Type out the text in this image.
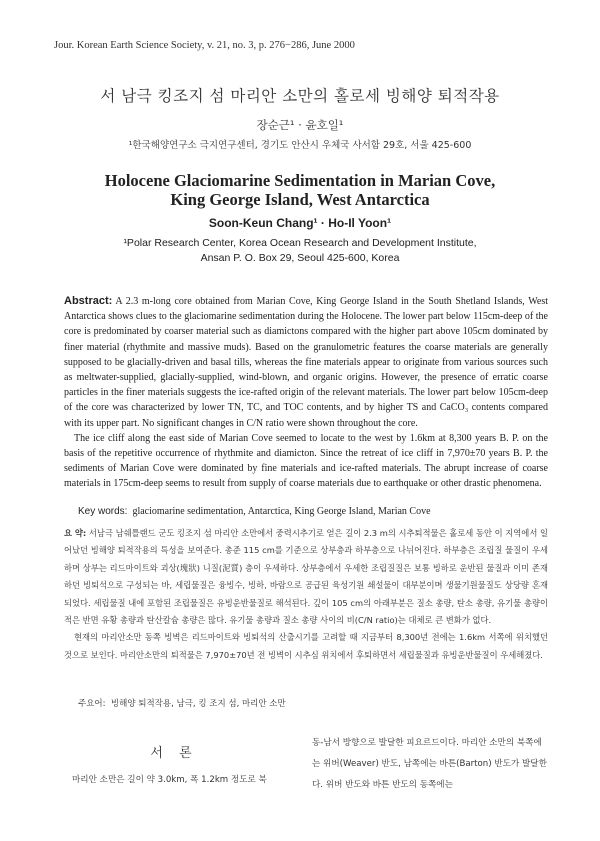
Jour. Korean Earth Science Society, v. 21, no. 3, p. 276−286, June 2000
서 남극 킹조지 섬 마리안 소만의 홀로세 빙해양 퇴적작용
장순근¹ · 윤호일¹
¹한국해양연구소 극지연구센터, 경기도 안산시 우체국 사서함 29호, 서울 425-600
Holocene Glaciomarine Sedimentation in Marian Cove,
King George Island, West Antarctica
Soon-Keun Chang¹ · Ho-Il Yoon¹
¹Polar Research Center, Korea Ocean Research and Development Institute,
Ansan P. O. Box 29, Seoul 425-600, Korea

Abstract: A 2.3 m-long core obtained from Marian Cove, King George Island in the South Shetland Islands, West Antarctica shows clues to the glaciomarine sedimentation during the Holocene. The lower part below 115cm-deep of the core is predominated by coarser material such as diamictons compared with the higher part above 105cm dominated by finer material (rhythmite and massive muds). Based on the granulometric features the coarse materials are generally supposed to be glacially-driven and basal tills, whereas the fine materials appear to originate from various sources such as meltwater-supplied, glacially-supplied, wind-blown, and organic origins. However, the presence of erratic coarse particles in the finer materials suggests the ice-rafted origin of the relevant materials. The lower part below 105cm-deep of the core was characterized by lower TN, TC, and TOC contents, and by higher TS and CaCO₃ contents compared with its upper part. No significant changes in C/N ratio were shown throughout the core.

The ice cliff along the east side of Marian Cove seemed to locate to the west by 1.6km at 8,300 years B. P. on the basis of the repetitive occurrence of rhythmite and diamicton. Since the retreat of ice cliff in 7,970±70 years B. P. the sediments of Marian Cove were dominated by fine materials and ice-rafted materials. The abrupt increase of coarse materials in 175cm-deep seems to result from supply of coarse materials due to earthquake or other drastic phenomena.

Key words: glaciomarine sedimentation, Antarctica, King George Island, Marian Cove

요 약: 서남극 남쉐틀랜드 군도 킹조지 섬 마리안 소만에서 중력시추기로 얻은 길이 2.3 m의 시추퇴적물은 홀로세 동안 이 지역에서 일어났던 빙해양 퇴적작용의 특성을 보여준다. 총준 115 cm를 기준으로 상부층과 하부층으로 나뉘어진다. 하부층은 조립질 물질이 우세하며 상부는 리드마이트와 괴상(塊狀) 니질(泥質) 층이 우세하다. 상부층에서 우세한 조립질질은 보통 빙하로 운반된 물질과 이미 존재하던 빙퇴석으로 구성되는 바, 세립물질은 융빙수, 빙하, 바람으로 공급된 육성기원 쇄설물이 대부분이며 생물기원물질도 상당량 혼재되었다. 세립물질 내에 포함된 조립물질은 유빙운반물질로 해석된다. 깊이 105 cm의 아래부분은 질소 총량, 탄소 총량, 유기물 총량이 적은 반면 유황 총량과 탄산칼슘 총량은 많다. 유기물 총량과 질소 총량 사이의 비(C/N ratio)는 대체로 큰 변화가 없다.

현재의 마리안소만 동쪽 빙벽은 리드마이트와 빙퇴석의 산출시기를 고려할 때 지금부터 8,300년 전에는 1.6km 서쪽에 위치했던 것으로 보인다. 마리안소만의 퇴적물은 7,970±70년 전 빙벽이 시추심 위치에서 후퇴하면서 세립물질과 유빙운반물질이 우세해졌다.

주요어: 빙해양 퇴적작용, 남극, 킹 조지 섬, 마리안 소만
서 론
마리안 소만은 길이 약 3.0km, 폭 1.2km 정도로 북
동-남서 방향으로 발달한 피요르드이다. 마리안 소만의 북쪽에는 위버(Weaver) 반도, 남쪽에는 바튼(Barton) 반도가 발달한다. 위버 반도와 바튼 반도의 동쪽에는
